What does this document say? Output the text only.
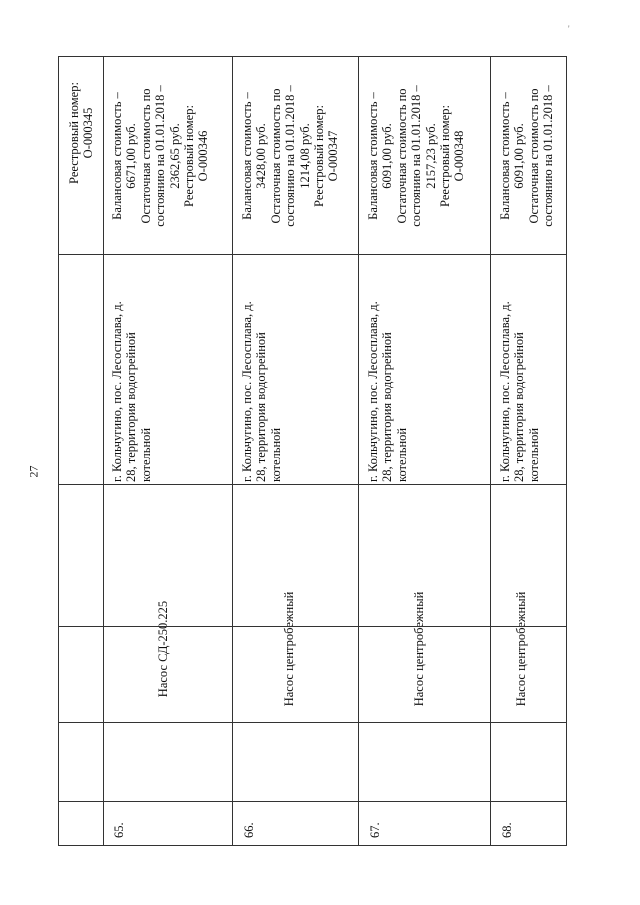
27
'
Реестровый номер: О-000345
65.
Насос СД-250.225
г. Кольчугино, пос. Лесосплава, д. 28, территория водогрейной котельной
Балансовая стоимость – 6671,00 руб. Остаточная стоимость по состоянию на 01.01.2018 – 2362,65 руб. Реестровый номер: О-000346
66.
Насос центробежный
г. Кольчугино, пос. Лесосплава, д. 28, территория водогрейной котельной
Балансовая стоимость – 3428,00 руб. Остаточная стоимость по состоянию на 01.01.2018 – 1214,08 руб. Реестровый номер: О-000347
67.
Насос центробежный
г. Кольчугино, пос. Лесосплава, д. 28, территория водогрейной котельной
Балансовая стоимость – 6091,00 руб. Остаточная стоимость по состоянию на 01.01.2018 – 2157,23 руб. Реестровый номер: О-000348
68.
Насос центробежный
г. Кольчугино, пос. Лесосплава, д. 28, территория водогрейной котельной
Балансовая стоимость – 6091,00 руб. Остаточная стоимость по состоянию на 01.01.2018 –
